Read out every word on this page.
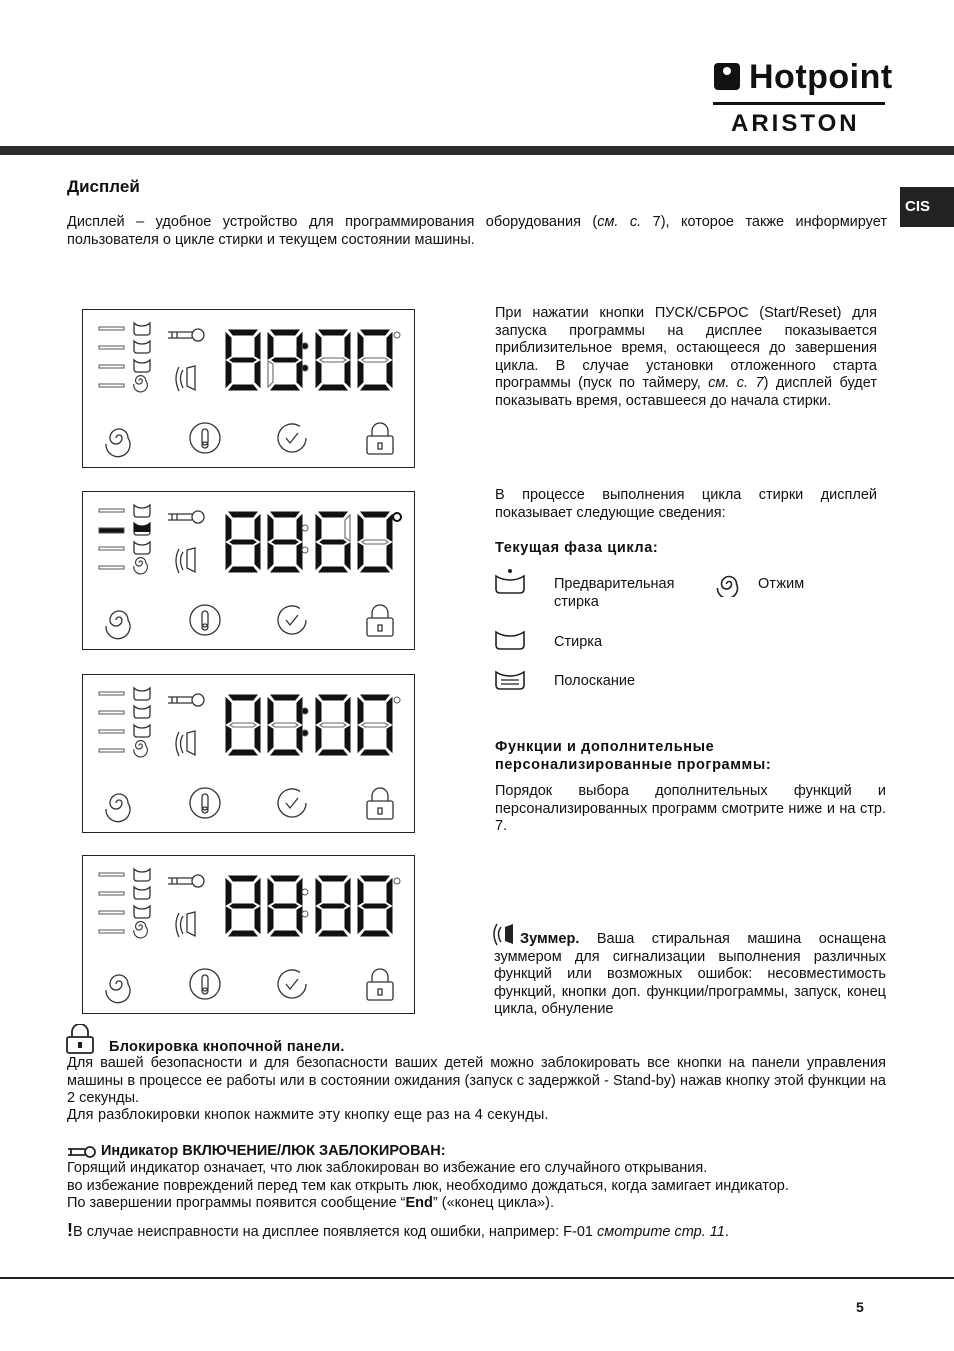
Hotpoint
ARISTON
CIS
Дисплей
Дисплей – удобное устройство для программирования оборудования (см. с. 7), которое также информирует пользователя о цикле стирки и текущем состоянии машины.
При нажатии кнопки ПУСК/СБРОС (Start/Reset) для запуска программы на дисплее показывается приблизительное время, остающееся до завершения цикла. В случае установки отложенного старта программы (пуск по таймеру, см. с. 7) дисплей будет показывать время, оставшееся до начала стирки.
В процессе выполнения цикла стирки дисплей показывает следующие сведения:
Текущая фаза цикла:
Предварительная
стирка
Отжим
Стирка
Полоскание
Функции и дополнительные
персонализированные программы:
Порядок выбора дополнительных функций и персонализированных программ смотрите ниже и на стр. 7.
Зуммер. Ваша стиральная машина оснащена зуммером для сигнализации выполнения различных функций или возможных ошибок: несовместимость функций, кнопки доп. функции/программы, запуск, конец цикла, обнуление
Блокировка кнопочной панели.
Для вашей безопасности и для безопасности ваших детей можно заблокировать все кнопки на панели управления машины в процессе ее работы или в состоянии ожидания (запуск с задержкой - Stand-by) нажав кнопку этой функции на 2 секунды.
Для разблокировки кнопок нажмите эту кнопку еще раз на 4 секунды.
Индикатор ВКЛЮЧЕНИЕ/ЛЮК ЗАБЛОКИРОВАН:
Горящий индикатор означает, что люк заблокирован во избежание его случайного открывания.
во избежание повреждений перед тем как открыть люк, необходимо дождаться, когда замигает индикатор.
По завершении программы появится сообщение “End” («конец цикла»).
!В случае неисправности на дисплее появляется код ошибки, например: F-01 смотрите стр. 11.
5
